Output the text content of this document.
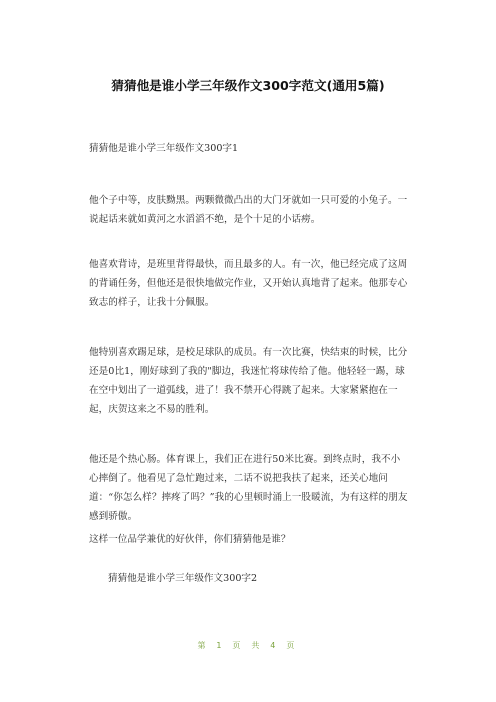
猜猜他是谁小学三年级作文300字范文(通用5篇)

猜猜他是谁小学三年级作文300字1

他个子中等，皮肤黝黑。两颗微微凸出的大门牙就如一只可爱的小兔子。一说起话来就如黄河之水滔滔不绝，是个十足的小话痨。

他喜欢背诗，是班里背得最快，而且最多的人。有一次，他已经完成了这周的背诵任务，但他还是很快地做完作业，又开始认真地背了起来。他那专心致志的样子，让我十分佩服。

他特别喜欢踢足球，是校足球队的成员。有一次比赛，快结束的时候，比分还是0比1，刚好球到了我的"脚边，我迷忙将球传给了他。他轻轻一踢，球在空中划出了一道弧线，进了！我不禁开心得跳了起来。大家紧紧抱在一起，庆贺这来之不易的胜利。

他还是个热心肠。体育课上，我们正在进行50米比赛。到终点时，我不小心摔倒了。他看见了急忙跑过来，二话不说把我扶了起来，还关心地问道：“你怎么样？摔疼了吗？”我的心里顿时涌上一股暖流，为有这样的朋友感到骄傲。

这样一位品学兼优的好伙伴，你们猜猜他是谁？

猜猜他是谁小学三年级作文300字2

第 1 页 共 4 页
